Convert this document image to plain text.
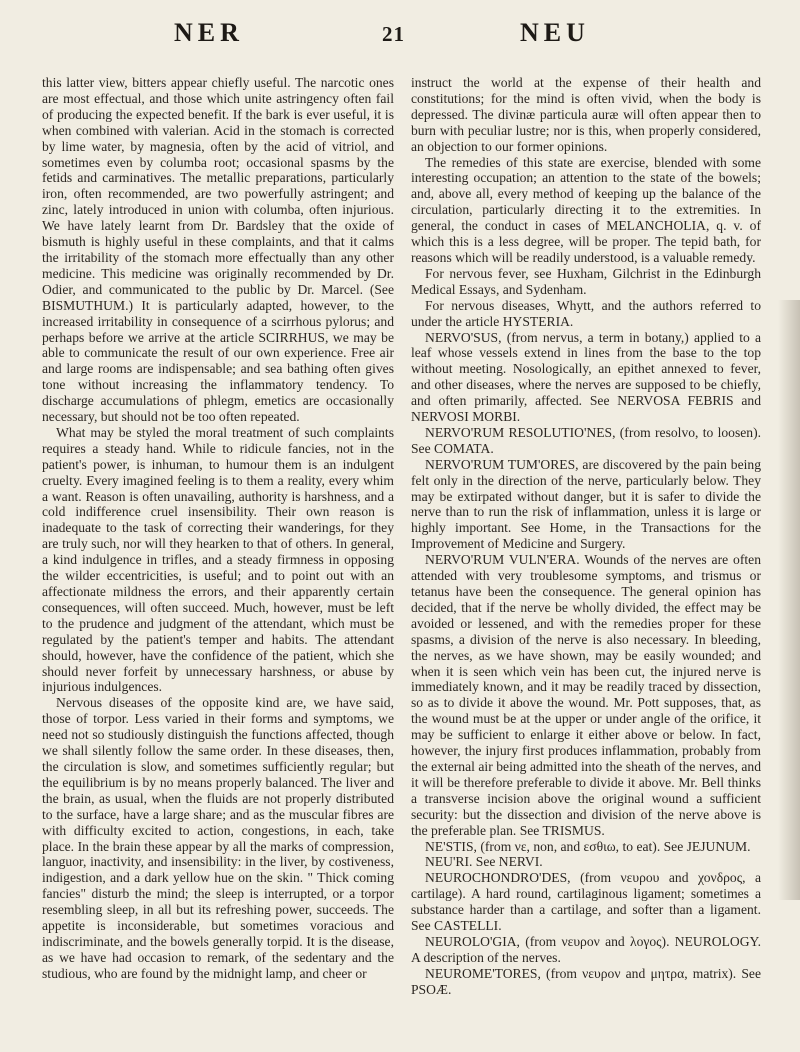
NER	21	NEU

this latter view, bitters appear chiefly useful. The narcotic ones are most effectual, and those which unite astringency often fail of producing the expected benefit. If the bark is ever useful, it is when combined with valerian. Acid in the stomach is corrected by lime water, by magnesia, often by the acid of vitriol, and sometimes even by columba root; occasional spasms by the fetids and carminatives. The metallic preparations, particularly iron, often recommended, are two powerfully astringent; and zinc, lately introduced in union with columba, often injurious. We have lately learnt from Dr. Bardsley that the oxide of bismuth is highly useful in these complaints, and that it calms the irritability of the stomach more effectually than any other medicine. This medicine was originally recommended by Dr. Odier, and communicated to the public by Dr. Marcel. (See BISMUTHUM.) It is particularly adapted, however, to the increased irritability in consequence of a scirrhous pylorus; and perhaps before we arrive at the article SCIRRHUS, we may be able to communicate the result of our own experience. Free air and large rooms are indispensable; and sea bathing often gives tone without increasing the inflammatory tendency. To discharge accumulations of phlegm, emetics are occasionally necessary, but should not be too often repeated.

What may be styled the moral treatment of such complaints requires a steady hand. While to ridicule fancies, not in the patient's power, is inhuman, to humour them is an indulgent cruelty. Every imagined feeling is to them a reality, every whim a want. Reason is often unavailing, authority is harshness, and a cold indifference cruel insensibility. Their own reason is inadequate to the task of correcting their wanderings, for they are truly such, nor will they hearken to that of others. In general, a kind indulgence in trifles, and a steady firmness in opposing the wilder eccentricities, is useful; and to point out with an affectionate mildness the errors, and their apparently certain consequences, will often succeed. Much, however, must be left to the prudence and judgment of the attendant, which must be regulated by the patient's temper and habits. The attendant should, however, have the confidence of the patient, which she should never forfeit by unnecessary harshness, or abuse by injurious indulgences.

Nervous diseases of the opposite kind are, we have said, those of torpor. Less varied in their forms and symptoms, we need not so studiously distinguish the functions affected, though we shall silently follow the same order. In these diseases, then, the circulation is slow, and sometimes sufficiently regular; but the equilibrium is by no means properly balanced. The liver and the brain, as usual, when the fluids are not properly distributed to the surface, have a large share; and as the muscular fibres are with difficulty excited to action, congestions, in each, take place. In the brain these appear by all the marks of compression, languor, inactivity, and insensibility: in the liver, by costiveness, indigestion, and a dark yellow hue on the skin. " Thick coming fancies" disturb the mind; the sleep is interrupted, or a torpor resembling sleep, in all but its refreshing power, succeeds. The appetite is inconsiderable, but sometimes voracious and indiscriminate, and the bowels generally torpid. It is the disease, as we have had occasion to remark, of the sedentary and the studious, who are found by the midnight lamp, and cheer or

instruct the world at the expense of their health and constitutions; for the mind is often vivid, when the body is depressed. The divinæ particula auræ will often appear then to burn with peculiar lustre; nor is this, when properly considered, an objection to our former opinions.

The remedies of this state are exercise, blended with some interesting occupation; an attention to the state of the bowels; and, above all, every method of keeping up the balance of the circulation, particularly directing it to the extremities. In general, the conduct in cases of MELANCHOLIA, q. v. of which this is a less degree, will be proper. The tepid bath, for reasons which will be readily understood, is a valuable remedy.

For nervous fever, see Huxham, Gilchrist in the Edinburgh Medical Essays, and Sydenham.

For nervous diseases, Whytt, and the authors referred to under the article HYSTERIA.

NERVO'SUS, (from nervus, a term in botany,) applied to a leaf whose vessels extend in lines from the base to the top without meeting. Nosologically, an epithet annexed to fever, and other diseases, where the nerves are supposed to be chiefly, and often primarily, affected. See NERVOSA FEBRIS and NERVOSI MORBI.

NERVO'RUM RESOLUTIO'NES, (from resolvo, to loosen). See COMATA.

NERVO'RUM TUM'ORES, are discovered by the pain being felt only in the direction of the nerve, particularly below. They may be extirpated without danger, but it is safer to divide the nerve than to run the risk of inflammation, unless it is large or highly important. See Home, in the Transactions for the Improvement of Medicine and Surgery.

NERVO'RUM VULN'ERA. Wounds of the nerves are often attended with very troublesome symptoms, and trismus or tetanus have been the consequence. The general opinion has decided, that if the nerve be wholly divided, the effect may be avoided or lessened, and with the remedies proper for these spasms, a division of the nerve is also necessary. In bleeding, the nerves, as we have shown, may be easily wounded; and when it is seen which vein has been cut, the injured nerve is immediately known, and it may be readily traced by dissection, so as to divide it above the wound. Mr. Pott supposes, that, as the wound must be at the upper or under angle of the orifice, it may be sufficient to enlarge it either above or below. In fact, however, the injury first produces inflammation, probably from the external air being admitted into the sheath of the nerves, and it will be therefore preferable to divide it above. Mr. Bell thinks a transverse incision above the original wound a sufficient security: but the dissection and division of the nerve above is the preferable plan. See TRISMUS.

NE'STIS, (from νε, non, and εσθιω, to eat). See JEJUNUM.

NEU'RI. See NERVI.

NEUROCHONDRO'DES, (from νευρου and χονδρος, a cartilage). A hard round, cartilaginous ligament; sometimes a substance harder than a cartilage, and softer than a ligament. See CASTELLI.

NEUROLO'GIA, (from νευρον and λογος). NEUROLOGY. A description of the nerves.

NEUROME'TORES, (from νευρον and μητρα, matrix). See PSOÆ.
